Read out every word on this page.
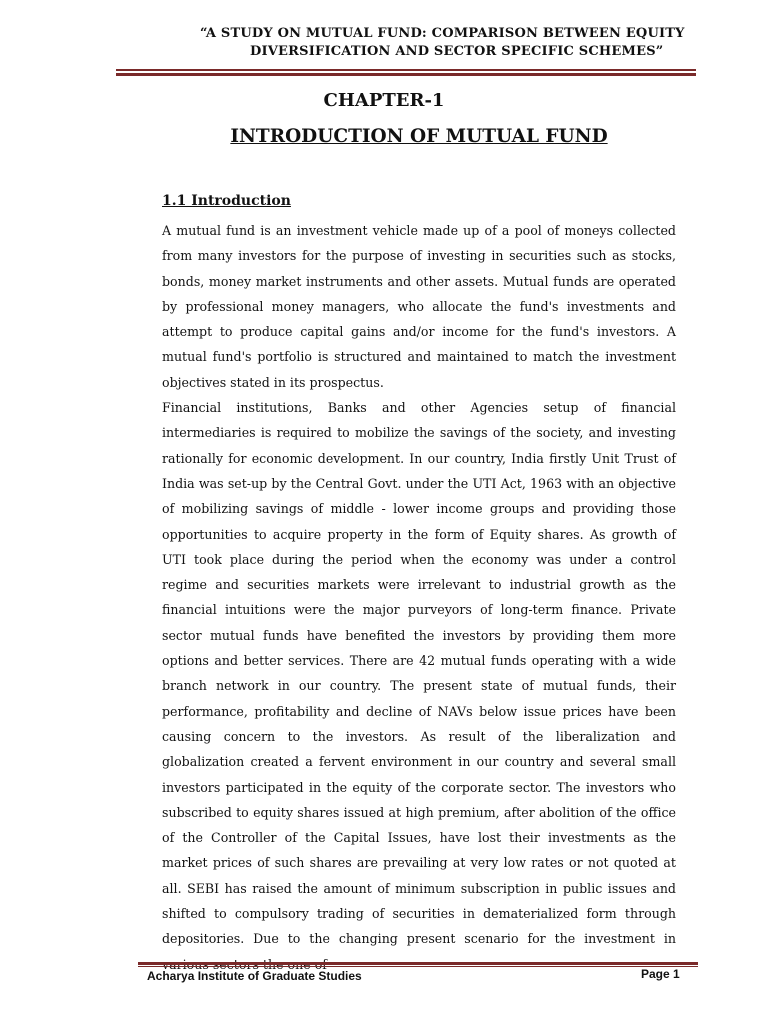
“A STUDY ON MUTUAL FUND: COMPARISON BETWEEN EQUITY
DIVERSIFICATION AND SECTOR SPECIFIC SCHEMES”
CHAPTER-1
INTRODUCTION OF MUTUAL FUND
1.1 Introduction

A mutual fund is an investment vehicle made up of a pool of moneys collected from many investors for the purpose of investing in securities such as stocks, bonds, money market instruments and other assets. Mutual funds are operated by professional money managers, who allocate the fund's investments and attempt to produce capital gains and/or income for the fund's investors. A mutual fund's portfolio is structured and maintained to match the investment objectives stated in its prospectus.

Financial institutions, Banks and other Agencies setup of financial intermediaries is required to mobilize the savings of the society, and investing rationally for economic development. In our country, India firstly Unit Trust of India was set-up by the Central Govt. under the UTI Act, 1963 with an objective of mobilizing savings of middle - lower income groups and providing those opportunities to acquire property in the form of Equity shares. As growth of UTI took place during the period when the economy was under a control regime and securities markets were irrelevant to industrial growth as the financial intuitions were the major purveyors of long-term finance. Private sector mutual funds have benefited the investors by providing them more options and better services. There are 42 mutual funds operating with a wide branch network in our country. The present state of mutual funds, their performance, profitability and decline of NAVs below issue prices have been causing concern to the investors. As result of the liberalization and globalization created a fervent environment in our country and several small investors participated in the equity of the corporate sector. The investors who subscribed to equity shares issued at high premium, after abolition of the office of the Controller of the Capital Issues, have lost their investments as the market prices of such shares are prevailing at very low rates or not quoted at all. SEBI has raised the amount of minimum subscription in public issues and shifted to compulsory trading of securities in dematerialized form through depositories. Due to the changing present scenario for the investment in

Acharya Institute of Graduate Studies	Page 1
